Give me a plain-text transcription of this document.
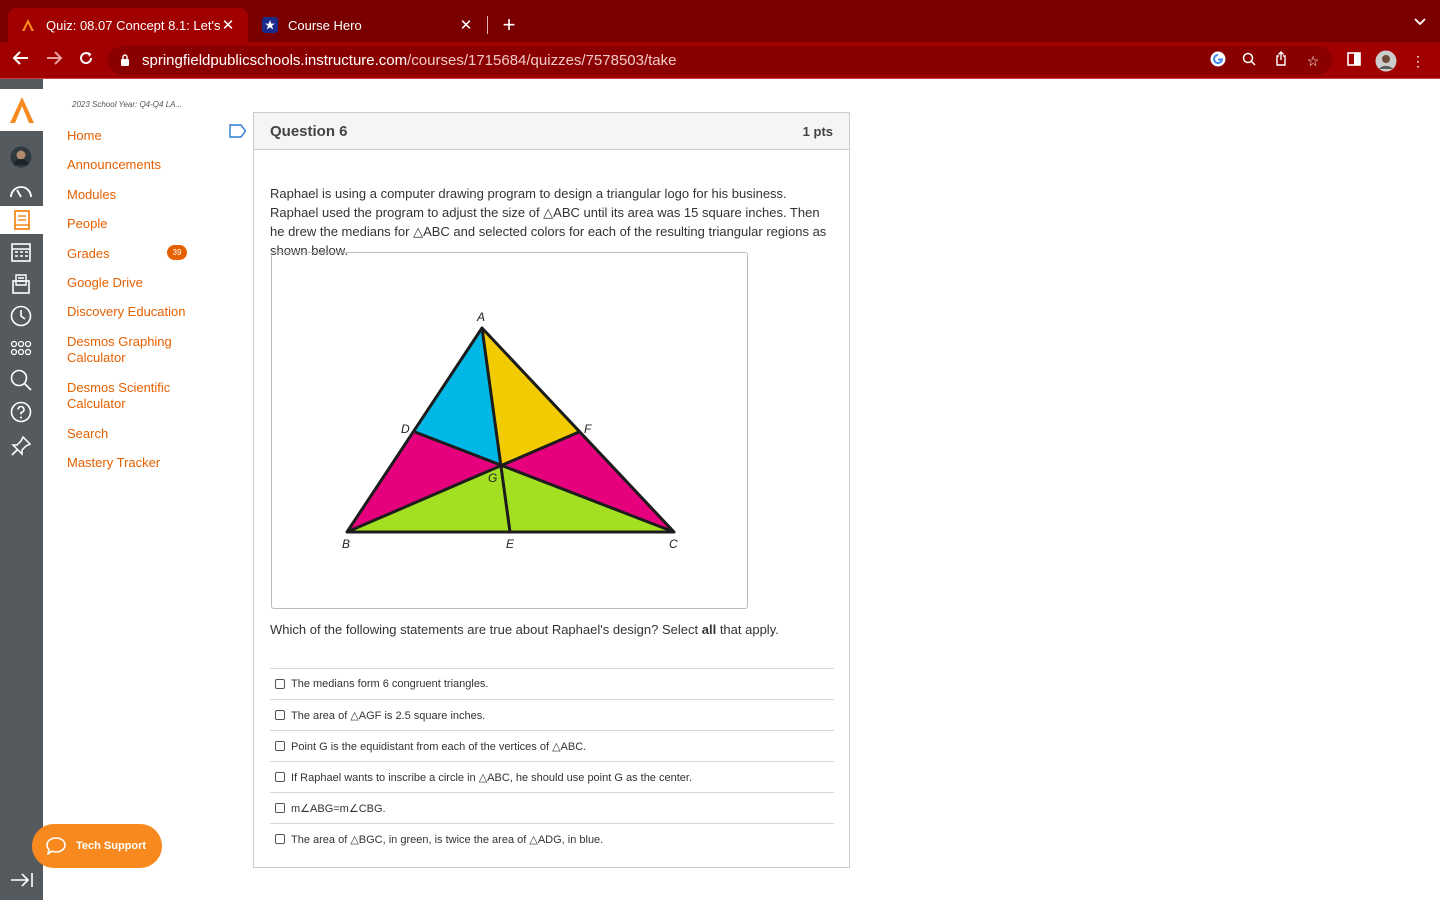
Quiz: 08.07 Concept 8.1: Let's ✕	Course Hero	✕ +
springfieldpublicschools.instructure.com/courses/1715684/quizzes/7578503/take	☆	⋮
2023 School Year: Q4-Q4 LA...
Home
Announcements
Modules
People
Grades
Google Drive
Discovery Education
Desmos Graphing Calculator
Desmos Scientific Calculator
Search
Mastery Tracker
39
Question 6	1 pts
Raphael is using a computer drawing program to design a triangular logo for his business. Raphael used the program to adjust the size of △ABC until its area was 15 square inches. Then he drew the medians for △ABC and selected colors for each of the resulting triangular regions as shown below.
A
D	F
G
B	E	C
Which of the following statements are true about Raphael's design? Select all that apply.
The medians form 6 congruent triangles.
The area of △AGF is 2.5 square inches.
Point G is the equidistant from each of the vertices of △ABC.
If Raphael wants to inscribe a circle in △ABC, he should use point G as the center.
m∠ABG=m∠CBG.
The area of △BGC, in green, is twice the area of △ADG, in blue.
Tech Support
